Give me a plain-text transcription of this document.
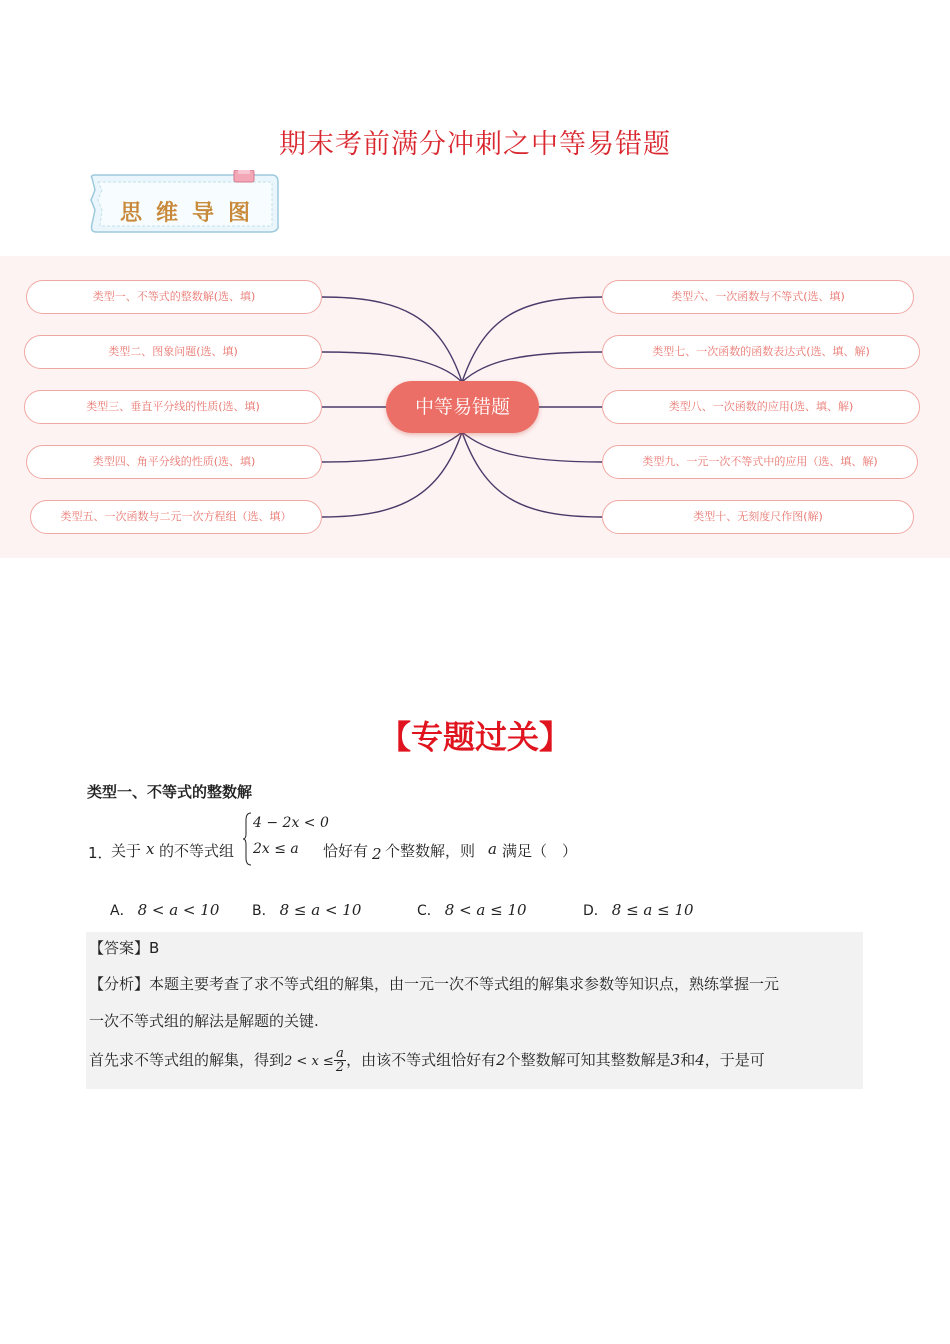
期末考前满分冲刺之中等易错题
思维导图
类型一、不等式的整数解(选、填)
类型二、图象问题(选、填)
类型三、垂直平分线的性质(选、填)
类型四、角平分线的性质(选、填)
类型五、一次函数与二元一次方程组（选、填）
类型六、一次函数与不等式(选、填)
类型七、一次函数的函数表达式(选、填、解)
类型八、一次函数的应用(选、填、解)
类型九、一元一次不等式中的应用（选、填、解)
类型十、无刻度尺作图(解)
中等易错题
【专题过关】
类型一、不等式的整数解
1．
关于 x 的不等式组
4 − 2x < 0
2x ≤ a 恰好有 2 个整数解，则 a 满足（　）
A． 8 < a < 10 B． 8 ≤ a < 10	C． 8 < a ≤ 10	D． 8 ≤ a ≤ 10
【答案】B
【分析】本题主要考查了求不等式组的解集，由一元一次不等式组的解集求参数等知识点，熟练掌握一元
一次不等式组的解法是解题的关键.
首先求不等式组的解集，得到$2 < x \le \frac{a}{2}$ ，由该不等式组恰好有2个整数解可知其整数解是3和4，于是可
